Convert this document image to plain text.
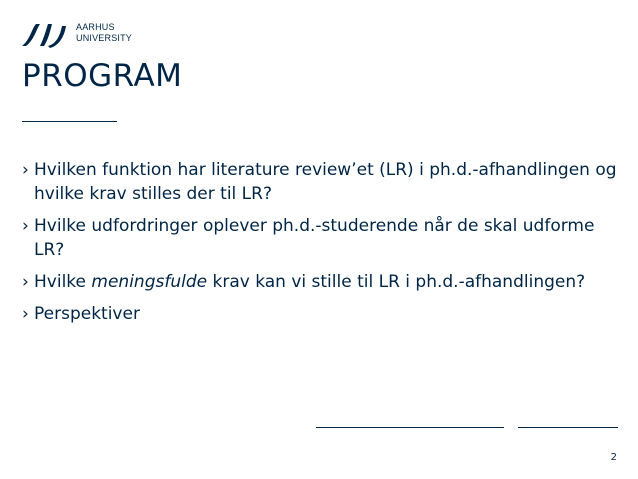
AARHUS
UNIVERSITY
PROGRAM
› Hvilken funktion har literature review’et (LR) i ph.d.-afhandlingen og hvilke krav stilles der til LR?
› Hvilke udfordringer oplever ph.d.-studerende når de skal udforme LR?
› Hvilke meningsfulde krav kan vi stille til LR i ph.d.-afhandlingen?
› Perspektiver
2
